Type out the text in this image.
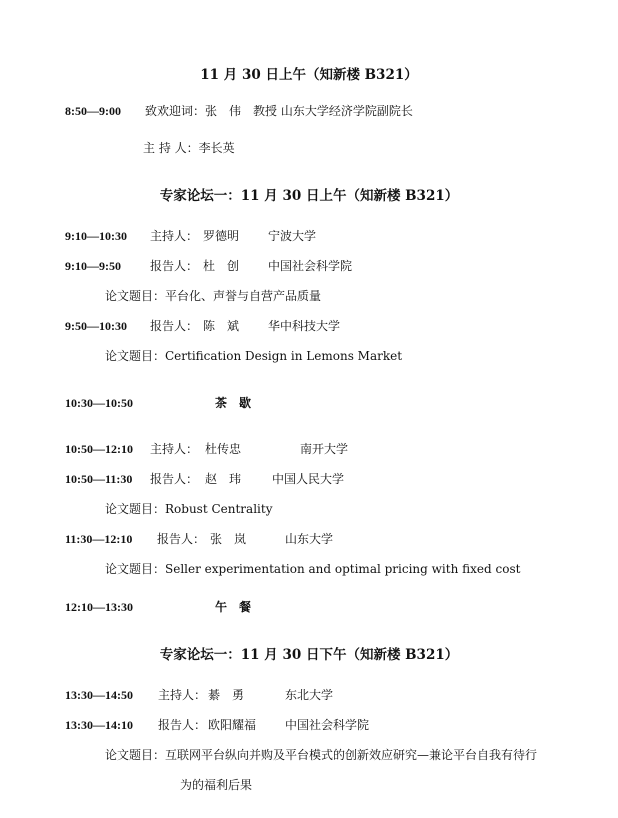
11 月 30 日上午（知新楼 B321）
8:50—9:00 致欢迎词：张　伟　教授 山东大学经济学院副院长
主 持 人：李长英
专家论坛一：11 月 30 日上午（知新楼 B321）
9:10—10:30 主持人： 罗德明 宁波大学
9:10—9:50 报告人： 杜　创 中国社会科学院
论文题目：平台化、声誉与自营产品质量
9:50—10:30 报告人： 陈　斌 华中科技大学
论文题目：Certification Design in Lemons Market
10:30—10:50	茶　歇
10:50—12:10 主持人： 杜传忠	南开大学
10:50—11:30 报告人： 赵　玮	中国人民大学
论文题目：Robust Centrality
11:30—12:10 报告人： 张　岚	山东大学
论文题目：Seller experimentation and optimal pricing with fixed cost
12:10—13:30	午　餐
专家论坛一：11 月 30 日下午（知新楼 B321）
13:30—14:50 主持人： 綦　勇	东北大学
13:30—14:10 报告人： 欧阳耀福 中国社会科学院
论文题目：互联网平台纵向并购及平台模式的创新效应研究—兼论平台自我有待行
为的福利后果
